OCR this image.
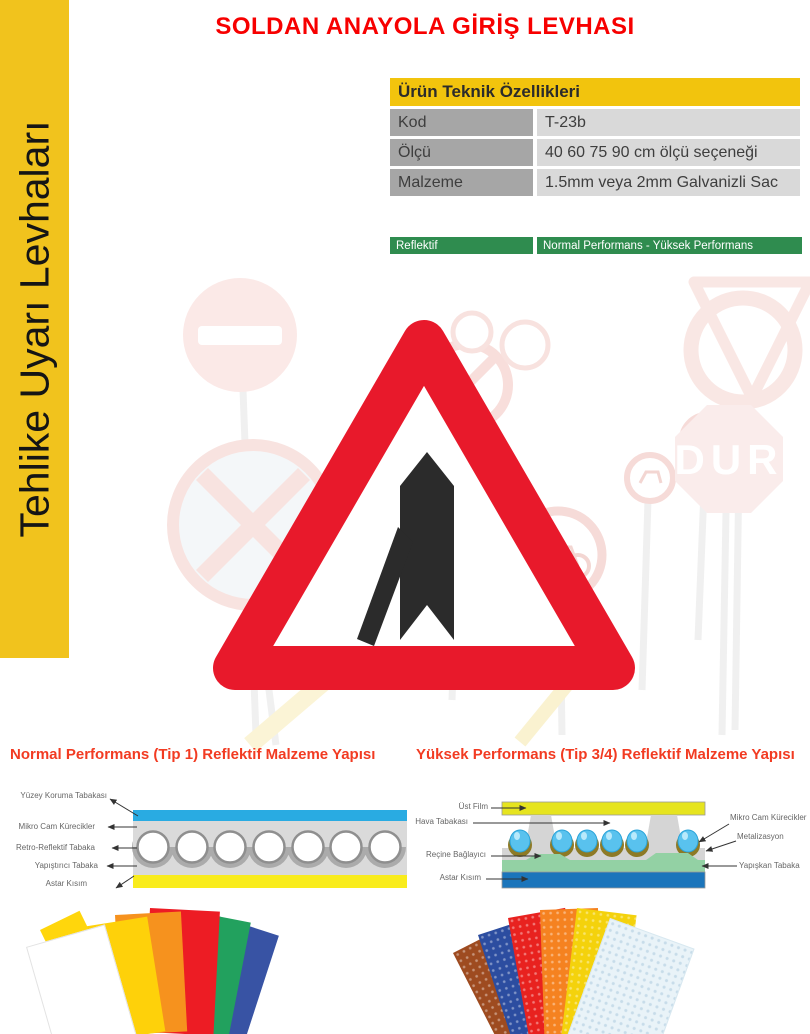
DUR
Tehlike Uyarı Levhaları
SOLDAN ANAYOLA GİRİŞ LEVHASI
Ürün Teknik Özellikleri
Kod	T-23b
Ölçü	40 60 75 90 cm ölçü seçeneği
Malzeme	1.5mm veya 2mm Galvanizli Sac
Reflektif	Normal Performans - Yüksek Performans
Normal Performans (Tip 1) Reflektif Malzeme Yapısı	Yüksek Performans (Tip 3/4) Reflektif Malzeme Yapısı
Yüzey Koruma Tabakası
Mikro Cam Kürecikler
Retro-Reflektif Tabaka
Yapıştırıcı Tabaka
Astar Kısım
Üst Film
Hava Tabakası
Reçine Bağlayıcı
Astar Kısım
Mikro Cam Kürecikler
Metalizasyon
Yapışkan Tabaka
